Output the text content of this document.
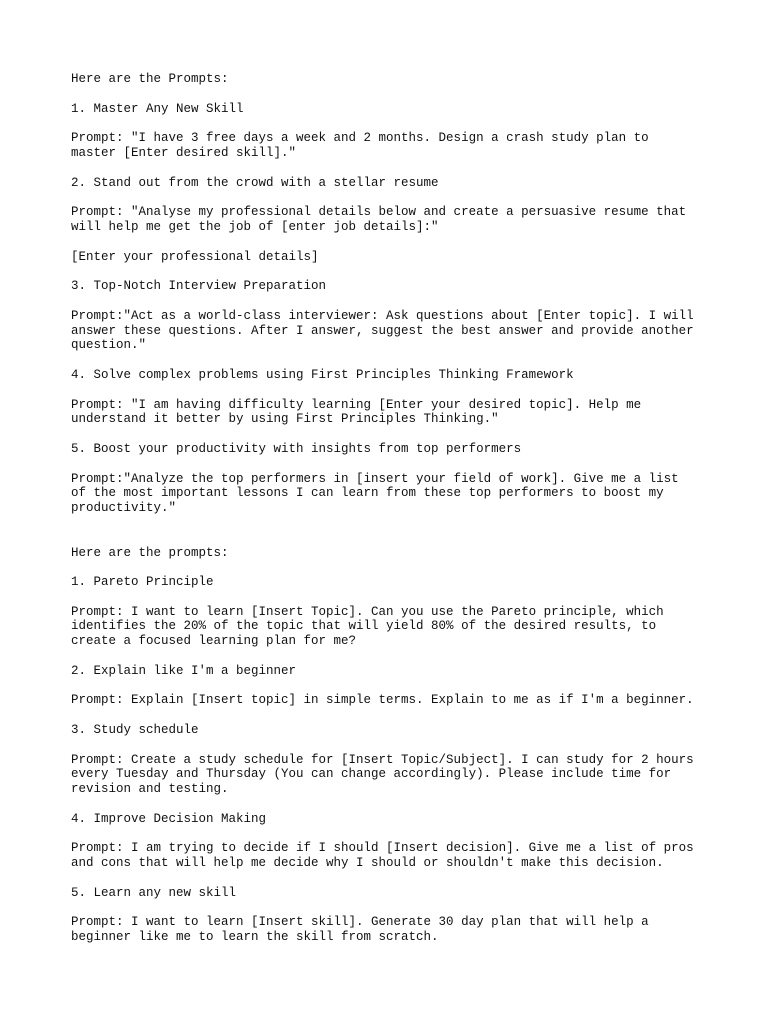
Here are the Prompts:
1. Master Any New Skill
Prompt: "I have 3 free days a week and 2 months. Design a crash study plan to
master [Enter desired skill]."
2. Stand out from the crowd with a stellar resume
Prompt: "Analyse my professional details below and create a persuasive resume that
will help me get the job of [enter job details]:"
[Enter your professional details]
3. Top-Notch Interview Preparation
Prompt:"Act as a world-class interviewer: Ask questions about [Enter topic]. I will
answer these questions. After I answer, suggest the best answer and provide another
question."
4. Solve complex problems using First Principles Thinking Framework
Prompt: "I am having difficulty learning [Enter your desired topic]. Help me
understand it better by using First Principles Thinking."
5. Boost your productivity with insights from top performers
Prompt:"Analyze the top performers in [insert your field of work]. Give me a list
of the most important lessons I can learn from these top performers to boost my
productivity."
Here are the prompts:
1. Pareto Principle
Prompt: I want to learn [Insert Topic]. Can you use the Pareto principle, which
identifies the 20% of the topic that will yield 80% of the desired results, to
create a focused learning plan for me?
2. Explain like I'm a beginner
Prompt: Explain [Insert topic] in simple terms. Explain to me as if I'm a beginner.
3. Study schedule
Prompt: Create a study schedule for [Insert Topic/Subject]. I can study for 2 hours
every Tuesday and Thursday (You can change accordingly). Please include time for
revision and testing.
4. Improve Decision Making
Prompt: I am trying to decide if I should [Insert decision]. Give me a list of pros
and cons that will help me decide why I should or shouldn't make this decision.
5. Learn any new skill
Prompt: I want to learn [Insert skill]. Generate 30 day plan that will help a
beginner like me to learn the skill from scratch.
